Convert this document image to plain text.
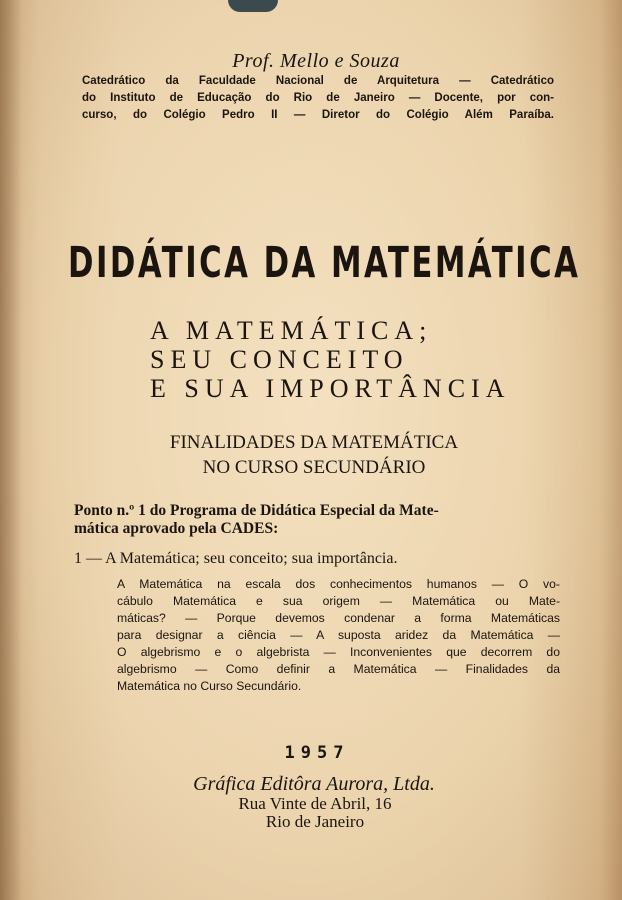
Prof. Mello e Souza
Catedrático da Faculdade Nacional de Arquitetura — Catedrático
do Instituto de Educação do Rio de Janeiro — Docente, por con-
curso, do Colégio Pedro II — Diretor do Colégio Além Paraíba.
DIDÁTICA DA MATEMÁTICA
A MATEMÁTICA;
SEU CONCEITO
E SUA IMPORTÂNCIA
FINALIDADES DA MATEMÁTICA
NO CURSO SECUNDÁRIO
Ponto n.º 1 do Programa de Didática Especial da Mate-
mática aprovado pela CADES:
1 — A Matemática; seu conceito; sua importância.
A Matemática na escala dos conhecimentos humanos — O vo-
cábulo Matemática e sua origem — Matemática ou Mate-
máticas? — Porque devemos condenar a forma Matemáticas
para designar a ciência — A suposta aridez da Matemática —
O algebrismo e o algebrista — Inconvenientes que decorrem do
algebrismo — Como definir a Matemática — Finalidades da
Matemática no Curso Secundário.
1957
Gráfica Editôra Aurora, Ltda.
Rua Vinte de Abril, 16
Rio de Janeiro
